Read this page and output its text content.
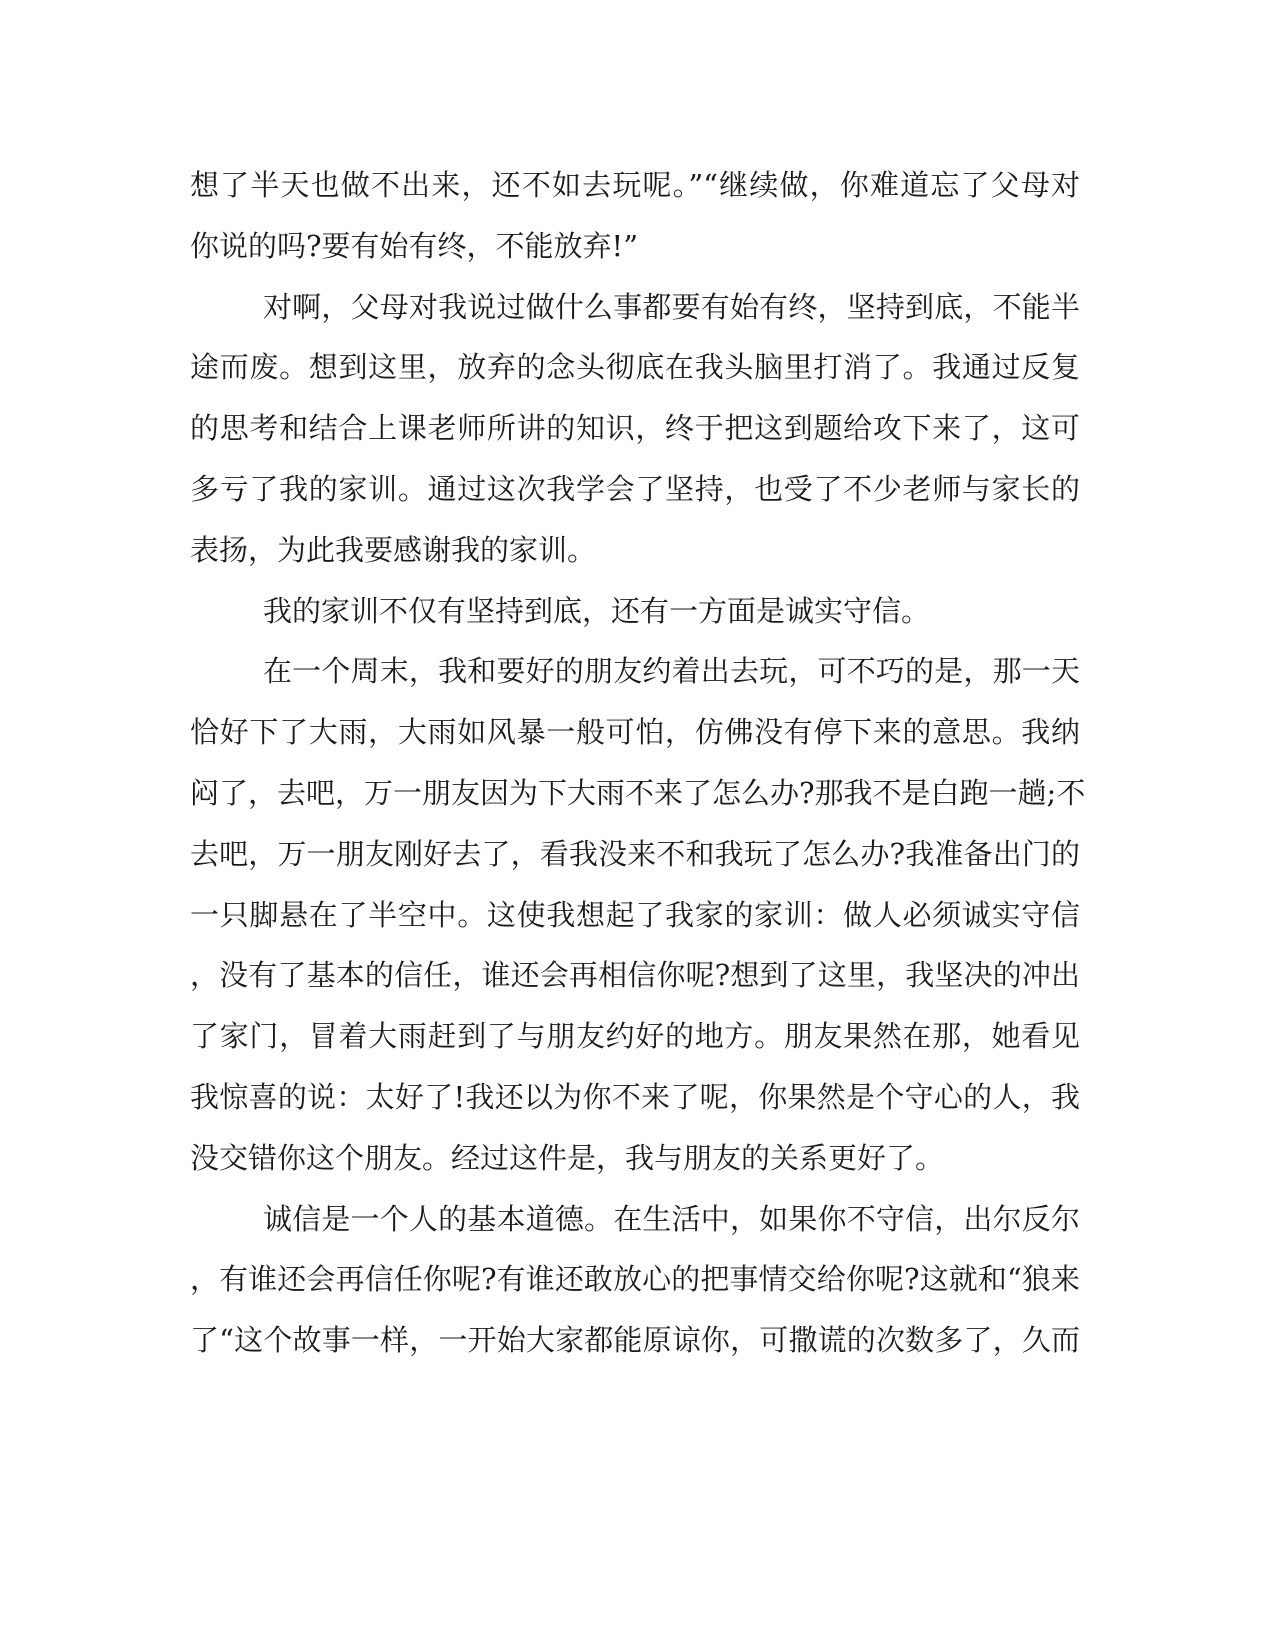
想了半天也做不出来，还不如去玩呢。”“继续做，你难道忘了父母对
你说的吗?要有始有终，不能放弃!”
对啊，父母对我说过做什么事都要有始有终，坚持到底，不能半
途而废。想到这里，放弃的念头彻底在我头脑里打消了。我通过反复
的思考和结合上课老师所讲的知识，终于把这到题给攻下来了，这可
多亏了我的家训。通过这次我学会了坚持，也受了不少老师与家长的
表扬，为此我要感谢我的家训。
我的家训不仅有坚持到底，还有一方面是诚实守信。
在一个周末，我和要好的朋友约着出去玩，可不巧的是，那一天
恰好下了大雨，大雨如风暴一般可怕，仿佛没有停下来的意思。我纳
闷了，去吧，万一朋友因为下大雨不来了怎么办?那我不是白跑一趟;不
去吧，万一朋友刚好去了，看我没来不和我玩了怎么办?我准备出门的
一只脚悬在了半空中。这使我想起了我家的家训：做人必须诚实守信
，没有了基本的信任，谁还会再相信你呢?想到了这里，我坚决的冲出
了家门，冒着大雨赶到了与朋友约好的地方。朋友果然在那，她看见
我惊喜的说：太好了!我还以为你不来了呢，你果然是个守心的人，我
没交错你这个朋友。经过这件是，我与朋友的关系更好了。
诚信是一个人的基本道德。在生活中，如果你不守信，出尔反尔
，有谁还会再信任你呢?有谁还敢放心的把事情交给你呢?这就和“狼来
了“这个故事一样，一开始大家都能原谅你，可撒谎的次数多了，久而
